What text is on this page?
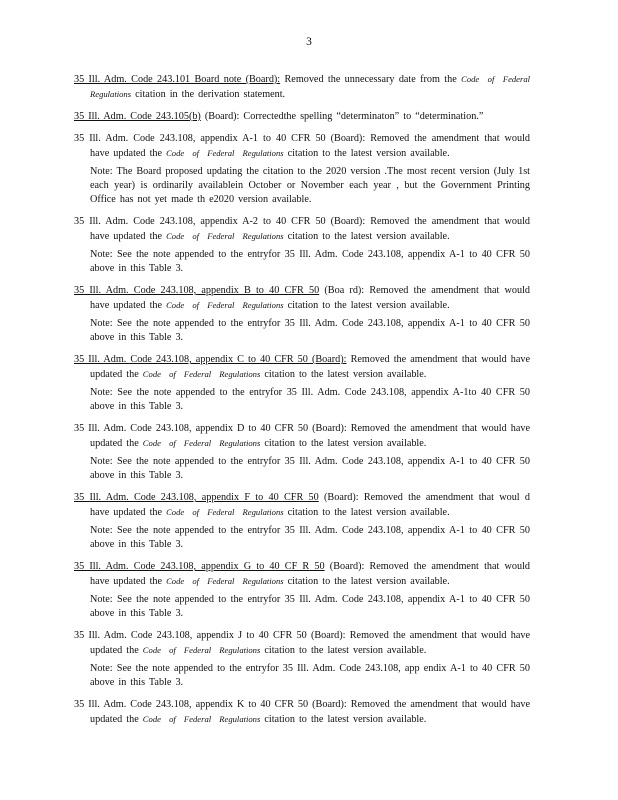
3
35 Ill. Adm. Code 243.101 Board note (Board): Removed the unnecessary date from the Code of Federal Regulations citation in the derivation statement.
35 Ill. Adm. Code 243.105(b) (Board): Correctedthe spelling “determinaton” to “determination.”
35 Ill. Adm. Code 243.108, appendix A-1 to 40 CFR 50 (Board): Removed the amendment that would have updated the Code of Federal Regulations citation to the latest version available.
Note: The Board proposed updating the citation to the 2020 version .The most recent version (July 1st each year) is ordinarily availablein October or November each year , but the Government Printing Office has not yet made th e2020 version available.
35 Ill. Adm. Code 243.108, appendix A-2 to 40 CFR 50 (Board): Removed the amendment that would have updated the Code of Federal Regulations citation to the latest version available.
Note: See the note appended to the entryfor 35 Ill. Adm. Code 243.108, appendix A-1 to 40 CFR 50 above in this Table 3.
35 Ill. Adm. Code 243.108, appendix B to 40 CFR 50 (Boa rd): Removed the amendment that would have updated the Code of Federal Regulations citation to the latest version available.
Note: See the note appended to the entryfor 35 Ill. Adm. Code 243.108, appendix A-1 to 40 CFR 50 above in this Table 3.
35 Ill. Adm. Code 243.108, appendix C to 40 CFR 50 (Board): Removed the amendment that would have updated the Code of Federal Regulations citation to the latest version available.
Note: See the note appended to the entryfor 35 Ill. Adm. Code 243.108, appendix A-1to 40 CFR 50 above in this Table 3.
35 Ill. Adm. Code 243.108, appendix D to 40 CFR 50 (Board): Removed the amendment that would have updated the Code of Federal Regulations citation to the latest version available.
Note: See the note appended to the entryfor 35 Ill. Adm. Code 243.108, appendix A-1 to 40 CFR 50 above in this Table 3.
35 Ill. Adm. Code 243.108, appendix F to 40 CFR 50 (Board): Removed the amendment that woul d have updated the Code of Federal Regulations citation to the latest version available.
Note: See the note appended to the entryfor 35 Ill. Adm. Code 243.108, appendix A-1 to 40 CFR 50 above in this Table 3.
35 Ill. Adm. Code 243.108, appendix G to 40 CF R 50 (Board): Removed the amendment that would have updated the Code of Federal Regulations citation to the latest version available.
Note: See the note appended to the entryfor 35 Ill. Adm. Code 243.108, appendix A-1 to 40 CFR 50 above in this Table 3.
35 Ill. Adm. Code 243.108, appendix J to 40 CFR 50 (Board): Removed the amendment that would have updated the Code of Federal Regulations citation to the latest version available.
Note: See the note appended to the entryfor 35 Ill. Adm. Code 243.108, app endix A-1 to 40 CFR 50 above in this Table 3.
35 Ill. Adm. Code 243.108, appendix K to 40 CFR 50 (Board): Removed the amendment that would have updated the Code of Federal Regulations citation to the latest version available.
